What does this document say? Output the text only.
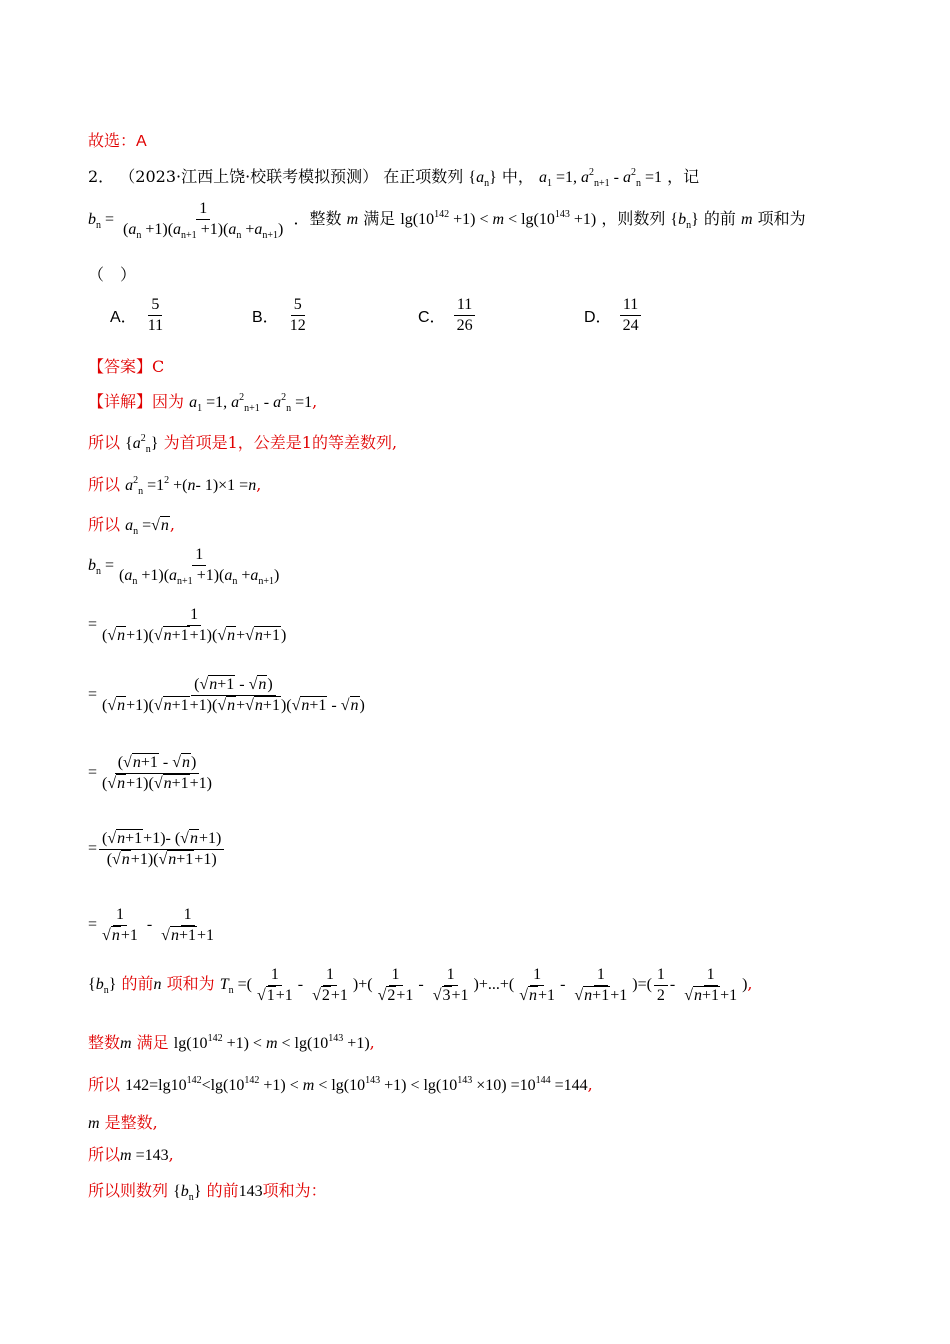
故选：A
2． （2023·江西上饶·校联考模拟预测） 在正项数列 $\{a_n\}$ 中， $a_1 =1$, $a^2_{n+1} - a^2_n =1$ ，记
$b_n = \frac{1}{(a_n +1)(a_{n+1} +1)(a_n +a_{n+1})}$ ．整数 m 满足 $\lg(10^{142} +1) < m < \lg(10^{143} +1)$ ，则数列 $\{b_n\}$ 的前 m 项和为
（　）
A． $\frac{5}{11}$	B． $\frac{5}{12}$	C． $\frac{11}{26}$	D． $\frac{11}{24}$
【答案】C
【详解】因为 $a_1 =1$, $a^2_{n+1} - a^2_n =1$,
所以 $\{a^2_n\}$ 为首项是1，公差是1的等差数列,
所以 $a^2_n =1^2 +(n-$ 1)×1 =n,
所以 $a_n =√n$,
$b_n = \frac{1}{(a_n +1)(a_{n+1} +1)(a_n +a_{n+1})}$
= $\frac{1}{(√n+1)(√n+1+1)(√n+√n+1)}$
= $\frac{(√n+1 - √n)}{(√n+1)(√n+1+1)(√n+√n+1)(√n+1 - √n)}$
= $\frac{(√n+1 - √n)}{(√n+1)(√n+1+1)}$
= $\frac{(√n+1+1)- (√n+1)}{(√n+1)(√n+1+1)}$
= $\frac{1}{√n+1} - \frac{1}{√n+1+1}$
$\{b_n\}$ 的前n 项和为 $T_n$ =( $\frac{1}{√1+1} - \frac{1}{√2+1}$ )+( $\frac{1}{√2+1} - \frac{1}{√3+1}$ )+...+( $\frac{1}{√n+1} - \frac{1}{√n+1+1}$ )=( $\frac{1}{2} - \frac{1}{√n+1+1}$ ),
整数m 满足 $\lg(10^{142} +1) < m < \lg(10^{143} +1)$,
所以 $142=\lg 10^{142}<\lg(10^{142} +1) < m < \lg(10^{143} +1) < \lg(10^{143} \times 10) =10^{144} =144$,
m 是整数,
所以m =143,
所以则数列 $\{b_n\}$ 的前143项和为：
